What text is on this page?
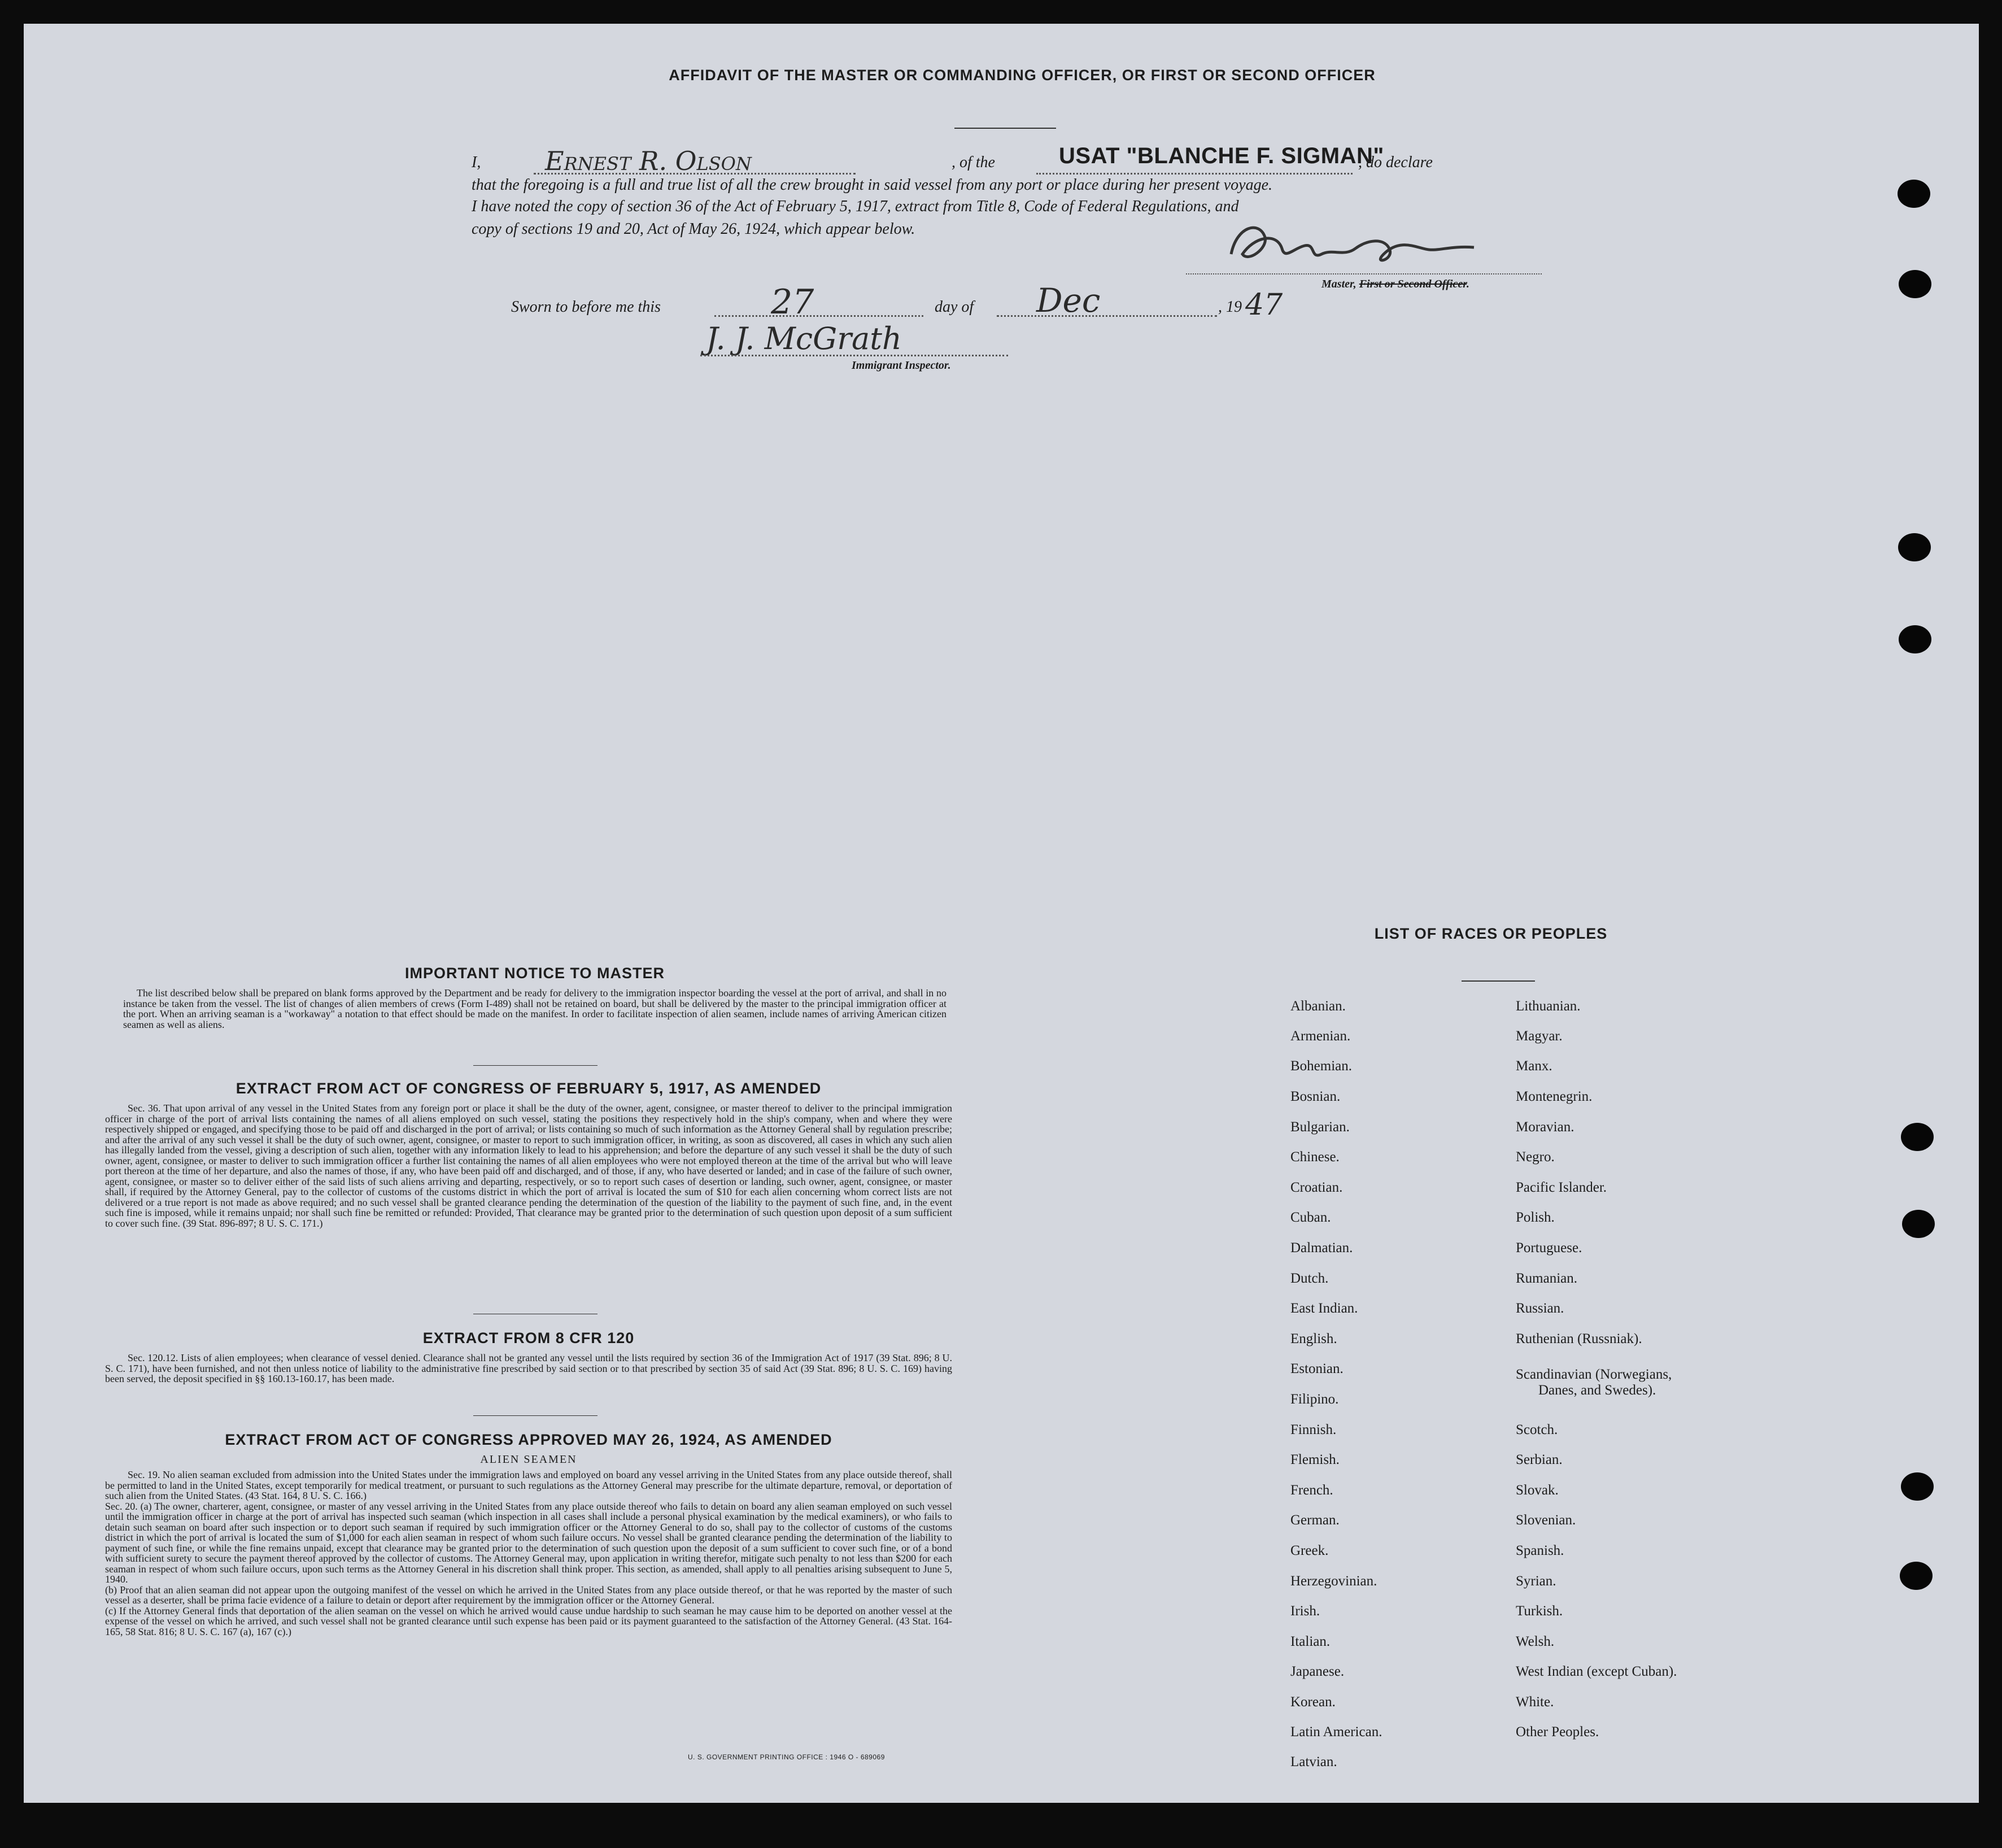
AFFIDAVIT OF THE MASTER OR COMMANDING OFFICER, OR FIRST OR SECOND OFFICER
I, Ernest R. Olson	, of the	USAT "BLANCHE F. SIGMAN"
, do declare
that the foregoing is a full and true list of all the crew brought in said vessel from any port or place during her present voyage.
I have noted the copy of section 36 of the Act of February 5, 1917, extract from Title 8, Code of Federal Regulations, and
copy of sections 19 and 20, Act of May 26, 1924, which appear below.
Master, First or Second Officer.
Sworn to before me this	27	day of Dec	, 19 47
J. J. McGrath
Immigrant Inspector.
IMPORTANT NOTICE TO MASTER
The list described below shall be prepared on blank forms approved by the Department and be ready for delivery to the immigration inspector boarding the vessel at the port of arrival, and shall in no instance be taken from the vessel. The list of changes of alien members of crews (Form I-489) shall not be retained on board, but shall be delivered by the master to the principal immigration officer at the port. When an arriving seaman is a "workaway" a notation to that effect should be made on the manifest. In order to facilitate inspection of alien seamen, include names of arriving American citizen seamen as well as aliens.
EXTRACT FROM ACT OF CONGRESS OF FEBRUARY 5, 1917, AS AMENDED
Sec. 36. That upon arrival of any vessel in the United States from any foreign port or place it shall be the duty of the owner, agent, consignee, or master thereof to deliver to the principal immigration officer in charge of the port of arrival lists containing the names of all aliens employed on such vessel, stating the positions they respectively hold in the ship's company, when and where they were respectively shipped or engaged, and specifying those to be paid off and discharged in the port of arrival; or lists containing so much of such information as the Attorney General shall by regulation prescribe; and after the arrival of any such vessel it shall be the duty of such owner, agent, consignee, or master to report to such immigration officer, in writing, as soon as discovered, all cases in which any such alien has illegally landed from the vessel, giving a description of such alien, together with any information likely to lead to his apprehension; and before the departure of any such vessel it shall be the duty of such owner, agent, consignee, or master to deliver to such immigration officer a further list containing the names of all alien employees who were not employed thereon at the time of the arrival but who will leave port thereon at the time of her departure, and also the names of those, if any, who have been paid off and discharged, and of those, if any, who have deserted or landed; and in case of the failure of such owner, agent, consignee, or master so to deliver either of the said lists of such aliens arriving and departing, respectively, or so to report such cases of desertion or landing, such owner, agent, consignee, or master shall, if required by the Attorney General, pay to the collector of customs of the customs district in which the port of arrival is located the sum of $10 for each alien concerning whom correct lists are not delivered or a true report is not made as above required; and no such vessel shall be granted clearance pending the determination of the question of the liability to the payment of such fine, and, in the event such fine is imposed, while it remains unpaid; nor shall such fine be remitted or refunded: Provided, That clearance may be granted prior to the determination of such question upon deposit of a sum sufficient to cover such fine. (39 Stat. 896-897; 8 U. S. C. 171.)
EXTRACT FROM 8 CFR 120
Sec. 120.12. Lists of alien employees; when clearance of vessel denied. Clearance shall not be granted any vessel until the lists required by section 36 of the Immigration Act of 1917 (39 Stat. 896; 8 U. S. C. 171), have been furnished, and not then unless notice of liability to the administrative fine prescribed by said section or to that prescribed by section 35 of said Act (39 Stat. 896; 8 U. S. C. 169) having been served, the deposit specified in §§ 160.13-160.17, has been made.
EXTRACT FROM ACT OF CONGRESS APPROVED MAY 26, 1924, AS AMENDED
ALIEN SEAMEN
Sec. 19. No alien seaman excluded from admission into the United States under the immigration laws and employed on board any vessel arriving in the United States from any place outside thereof, shall be permitted to land in the United States, except temporarily for medical treatment, or pursuant to such regulations as the Attorney General may prescribe for the ultimate departure, removal, or deportation of such alien from the United States. (43 Stat. 164, 8 U. S. C. 166.)
Sec. 20. (a) The owner, charterer, agent, consignee, or master of any vessel arriving in the United States from any place outside thereof who fails to detain on board any alien seaman employed on such vessel until the immigration officer in charge at the port of arrival has inspected such seaman (which inspection in all cases shall include a personal physical examination by the medical examiners), or who fails to detain such seaman on board after such inspection or to deport such seaman if required by such immigration officer or the Attorney General to do so, shall pay to the collector of customs of the customs district in which the port of arrival is located the sum of $1,000 for each alien seaman in respect of whom such failure occurs. No vessel shall be granted clearance pending the determination of the liability to payment of such fine, or while the fine remains unpaid, except that clearance may be granted prior to the determination of such question upon the deposit of a sum sufficient to cover such fine, or of a bond with sufficient surety to secure the payment thereof approved by the collector of customs. The Attorney General may, upon application in writing therefor, mitigate such penalty to not less than $200 for each seaman in respect of whom such failure occurs, upon such terms as the Attorney General in his discretion shall think proper. This section, as amended, shall apply to all penalties arising subsequent to June 5, 1940.
(b) Proof that an alien seaman did not appear upon the outgoing manifest of the vessel on which he arrived in the United States from any place outside thereof, or that he was reported by the master of such vessel as a deserter, shall be prima facie evidence of a failure to detain or deport after requirement by the immigration officer or the Attorney General.
(c) If the Attorney General finds that deportation of the alien seaman on the vessel on which he arrived would cause undue hardship to such seaman he may cause him to be deported on another vessel at the expense of the vessel on which he arrived, and such vessel shall not be granted clearance until such expense has been paid or its payment guaranteed to the satisfaction of the Attorney General. (43 Stat. 164-165, 58 Stat. 816; 8 U. S. C. 167 (a), 167 (c).)
U. S. GOVERNMENT PRINTING OFFICE : 1946 O - 689069
LIST OF RACES OR PEOPLES
Albanian.
Armenian.
Bohemian.
Bosnian.
Bulgarian.
Chinese.
Croatian.
Cuban.
Dalmatian.
Dutch.
East Indian.
English.
Estonian.
Filipino.
Finnish.
Flemish.
French.
German.
Greek.
Herzegovinian.
Irish.
Italian.
Japanese.
Korean.
Latin American.
Latvian.
Lithuanian.
Magyar.
Manx.
Montenegrin.
Moravian.
Negro.
Pacific Islander.
Polish.
Portuguese.
Rumanian.
Russian.
Ruthenian (Russniak).
Scandinavian (Norwegians,
Danes, and Swedes).
Scotch.
Serbian.
Slovak.
Slovenian.
Spanish.
Syrian.
Turkish.
Welsh.
West Indian (except Cuban).
White.
Other Peoples.
